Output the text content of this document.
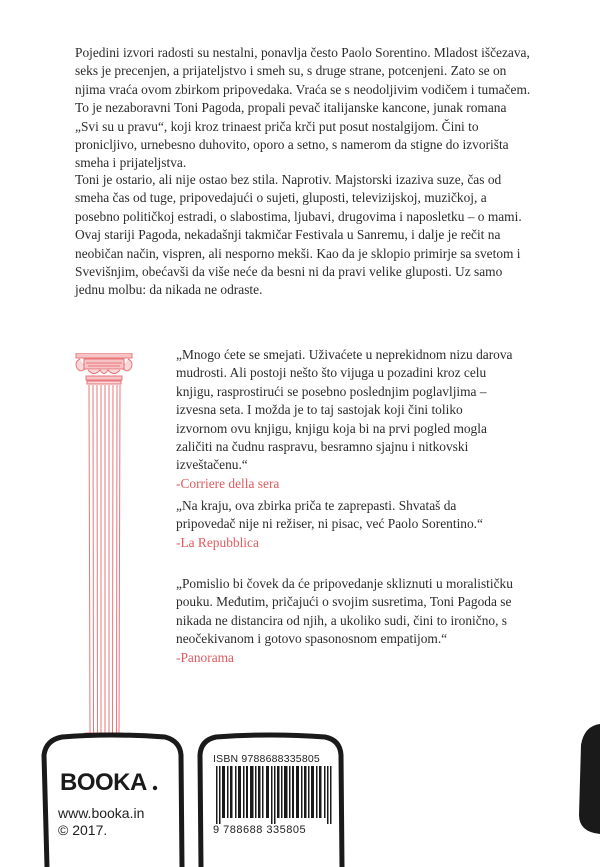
Pojedini izvori radosti su nestalni, ponavlja često Paolo Sorentino. Mladost iščezava, seks je precenjen, a prijateljstvo i smeh su, s druge strane, potcenjeni. Zato se on njima vraća ovom zbirkom pripovedaka. Vraća se s neodoljivim vodičem i tumačem. To je nezaboravni Toni Pagoda, propali pevač italijanske kancone, junak romana „Svi su u pravu“, koji kroz trinaest priča krči put posut nostalgijom. Čini to pronicljivo, urnebesno duhovito, oporo a setno, s namerom da stigne do izvorišta smeha i prijateljstva.

Toni je ostario, ali nije ostao bez stila. Naprotiv. Majstorski izaziva suze, čas od smeha čas od tuge, pripovedajući o sujeti, gluposti, televizijskoj, muzičkoj, a posebno političkoj estradi, o slabostima, ljubavi, drugovima i naposletku – o mami. Ovaj stariji Pagoda, nekadašnji takmičar Festivala u Sanremu, i dalje je rečit na neobičan način, vispren, ali nesporno mekši. Kao da je sklopio primirje sa svetom i Svevišnjim, obećavši da više neće da besni ni da pravi velike gluposti. Uz samo jednu molbu: da nikada ne odraste.

„Mnogo ćete se smejati. Uživaćete u neprekidnom nizu darova mudrosti. Ali postoji nešto što vijuga u pozadini kroz celu knjigu, rasprostirući se posebno poslednjim poglavljima – izvesna seta. I možda je to taj sastojak koji čini toliko izvornom ovu knjigu, knjigu koja bi na prvi pogled mogla zaličiti na čudnu raspravu, besramno sjajnu i nitkovski izveštačenu.“
-Corriere della sera

„Na kraju, ova zbirka priča te zaprepasti. Shvataš da pripovedač nije ni režiser, ni pisac, već Paolo Sorentino.“
-La Repubblica

„Pomislio bi čovek da će pripovedanje skliznuti u moralističku pouku. Međutim, pričajući o svojim susretima, Toni Pagoda se nikada ne distancira od njih, a ukoliko sudi, čini to ironično, s neočekivanom i gotovo spasonosnom empatijom.“
-Panorama

BOOKA
www.booka.in
© 2017.
ISBN 9788688335805
9 788688 335805
